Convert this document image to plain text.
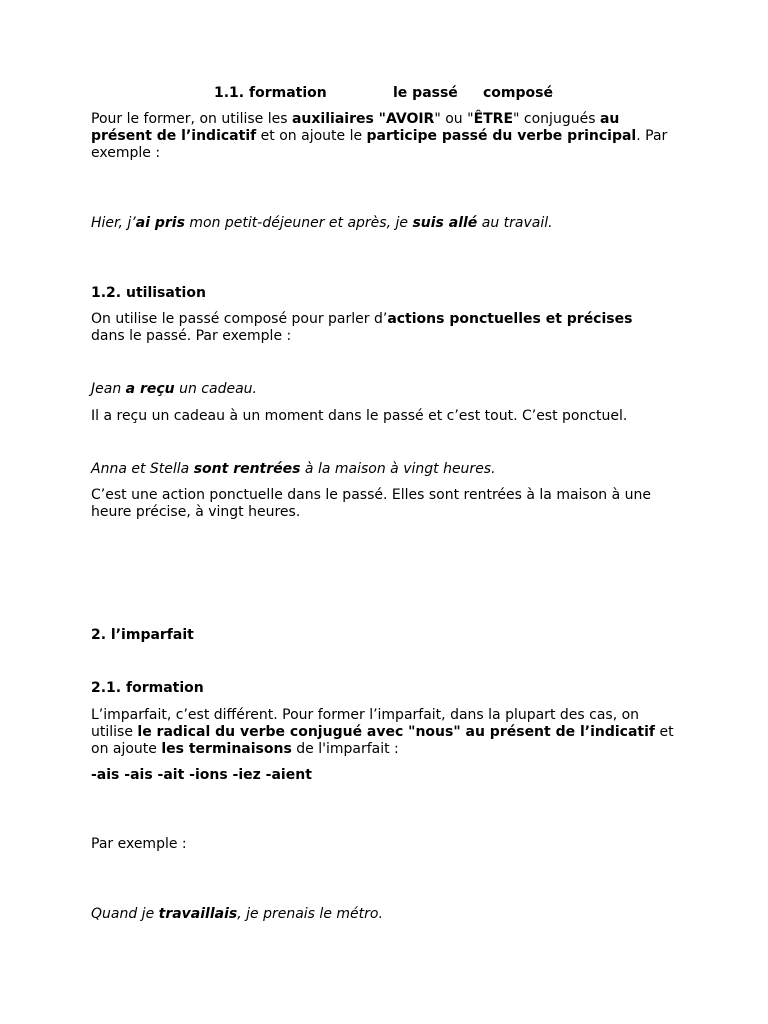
1.1. formation	le passé composé

Pour le former, on utilise les auxiliaires "AVOIR" ou "ÊTRE" conjugués au présent de l’indicatif et on ajoute le participe passé du verbe principal. Par exemple :

Hier, j’ai pris mon petit-déjeuner et après, je suis allé au travail.

1.2. utilisation

On utilise le passé composé pour parler d’actions ponctuelles et précises dans le passé. Par exemple :

Jean a reçu un cadeau.

Il a reçu un cadeau à un moment dans le passé et c’est tout. C’est ponctuel.

Anna et Stella sont rentrées à la maison à vingt heures.

C’est une action ponctuelle dans le passé. Elles sont rentrées à la maison à une heure précise, à vingt heures.

2. l’imparfait

2.1. formation

L’imparfait, c’est différent. Pour former l’imparfait, dans la plupart des cas, on utilise le radical du verbe conjugué avec "nous" au présent de l’indicatif et on ajoute les terminaisons de l'imparfait :

-ais -ais -ait -ions -iez -aient

Par exemple :

Quand je travaillais, je prenais le métro.
